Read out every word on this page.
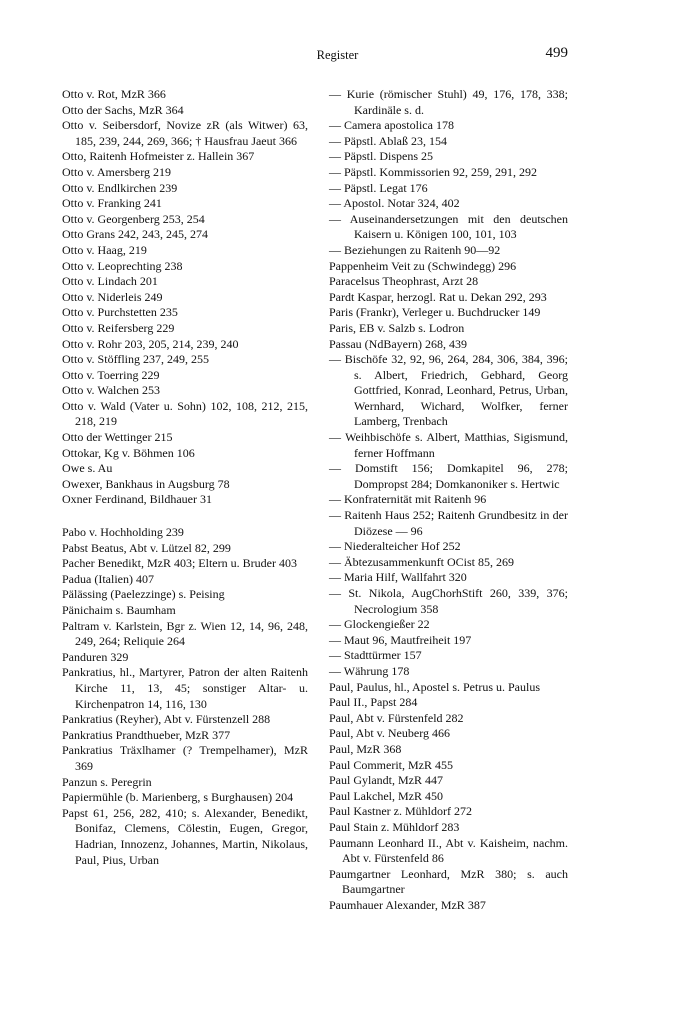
Register	499
Otto v. Rot, MzR 366
Otto der Sachs, MzR 364
Otto v. Seibersdorf, Novize zR (als Witwer) 63, 185, 239, 244, 269, 366; † Hausfrau Jaeut 366
Otto, Raitenh Hofmeister z. Hallein 367
Otto v. Amersberg 219
Otto v. Endlkirchen 239
Otto v. Franking 241
Otto v. Georgenberg 253, 254
Otto Grans 242, 243, 245, 274
Otto v. Haag, 219
Otto v. Leoprechting 238
Otto v. Lindach 201
Otto v. Niderleis 249
Otto v. Purchstetten 235
Otto v. Reifersberg 229
Otto v. Rohr 203, 205, 214, 239, 240
Otto v. Stöffling 237, 249, 255
Otto v. Toerring 229
Otto v. Walchen 253
Otto v. Wald (Vater u. Sohn) 102, 108, 212, 215, 218, 219
Otto der Wettinger 215
Ottokar, Kg v. Böhmen 106
Owe s. Au
Owexer, Bankhaus in Augsburg 78
Oxner Ferdinand, Bildhauer 31
Pabo v. Hochholding 239
Pabst Beatus, Abt v. Lützel 82, 299
Pacher Benedikt, MzR 403; Eltern u. Bruder 403
Padua (Italien) 407
Pälässing (Paelezzinge) s. Peising
Pänichaim s. Baumham
Paltram v. Karlstein, Bgr z. Wien 12, 14, 96, 248, 249, 264; Reliquie 264
Panduren 329
Pankratius, hl., Martyrer, Patron der alten Raitenh Kirche 11, 13, 45; sonstiger Altar- u. Kirchenpatron 14, 116, 130
Pankratius (Reyher), Abt v. Fürstenzell 288
Pankratius Prandthueber, MzR 377
Pankratius Träxlhamer (? Trempelhamer), MzR 369
Panzun s. Peregrin
Papiermühle (b. Marienberg, s Burghausen) 204
Papst 61, 256, 282, 410; s. Alexander, Benedikt, Bonifaz, Clemens, Cölestin, Eugen, Gregor, Hadrian, Innozenz, Johannes, Martin, Nikolaus, Paul, Pius, Urban
— Kurie (römischer Stuhl) 49, 176, 178, 338; Kardinäle s. d.
— Camera apostolica 178
— Päpstl. Ablaß 23, 154
— Päpstl. Dispens 25
— Päpstl. Kommissorien 92, 259, 291, 292
— Päpstl. Legat 176
— Apostol. Notar 324, 402
— Auseinandersetzungen mit den deutschen Kaisern u. Königen 100, 101, 103
— Beziehungen zu Raitenh 90—92
Pappenheim Veit zu (Schwindegg) 296
Paracelsus Theophrast, Arzt 28
Pardt Kaspar, herzogl. Rat u. Dekan 292, 293
Paris (Frankr), Verleger u. Buchdrucker 149
Paris, EB v. Salzb s. Lodron
Passau (NdBayern) 268, 439
— Bischöfe 32, 92, 96, 264, 284, 306, 384, 396; s. Albert, Friedrich, Gebhard, Georg Gottfried, Konrad, Leonhard, Petrus, Urban, Wernhard, Wichard, Wolfker, ferner Lamberg, Trenbach
— Weihbischöfe s. Albert, Matthias, Sigismund, ferner Hoffmann
— Domstift 156; Domkapitel 96, 278; Dompropst 284; Domkanoniker s. Hertwic
— Konfraternität mit Raitenh 96
— Raitenh Haus 252; Raitenh Grundbesitz in der Diözese — 96
— Niederalteicher Hof 252
— Äbtezusammenkunft OCist 85, 269
— Maria Hilf, Wallfahrt 320
— St. Nikola, AugChorhStift 260, 339, 376; Necrologium 358
— Glockengießer 22
— Maut 96, Mautfreiheit 197
— Stadttürmer 157
— Währung 178
Paul, Paulus, hl., Apostel s. Petrus u. Paulus
Paul II., Papst 284
Paul, Abt v. Fürstenfeld 282
Paul, Abt v. Neuberg 466
Paul, MzR 368
Paul Commerit, MzR 455
Paul Gylandt, MzR 447
Paul Lakchel, MzR 450
Paul Kastner z. Mühldorf 272
Paul Stain z. Mühldorf 283
Paumann Leonhard II., Abt v. Kaisheim, nachm. Abt v. Fürstenfeld 86
Paumgartner Leonhard, MzR 380; s. auch Baumgartner
Paumhauer Alexander, MzR 387
